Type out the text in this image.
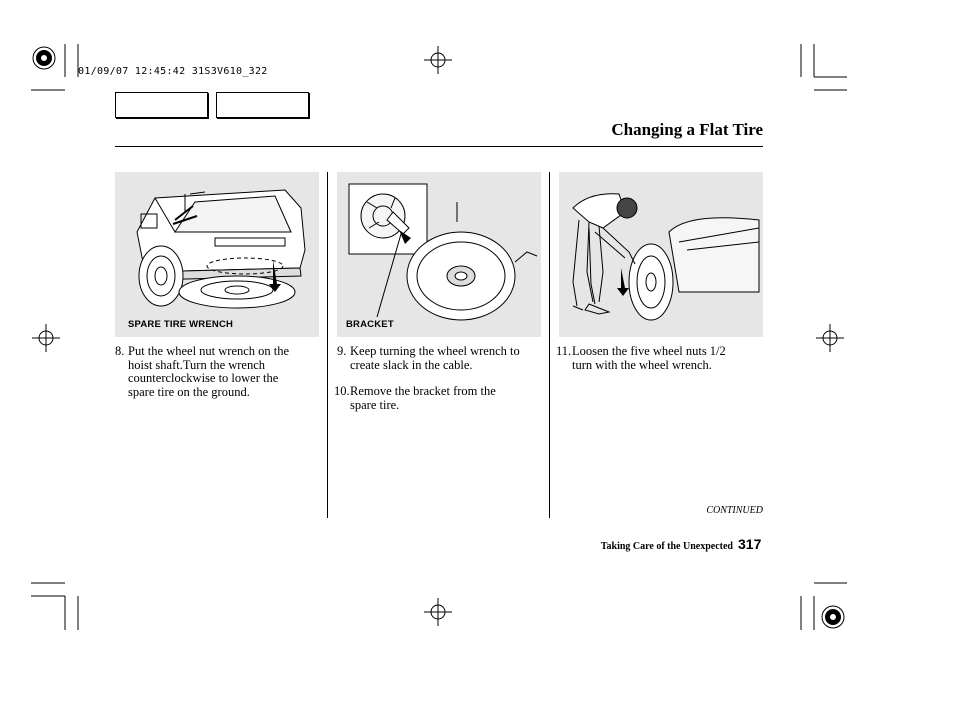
01/09/07 12:45:42 31S3V610_322
Changing a Flat Tire
SPARE TIRE WRENCH	BRACKET
8. Put the wheel nut wrench on the
hoist shaft.Turn the wrench
counterclockwise to lower the
spare tire on the ground.
9. Keep turning the wheel wrench to
create slack in the cable.
10. Remove the bracket from the
spare tire.
11. Loosen the five wheel nuts 1/2
turn with the wheel wrench.
CONTINUED
Taking Care of the Unexpected 317
